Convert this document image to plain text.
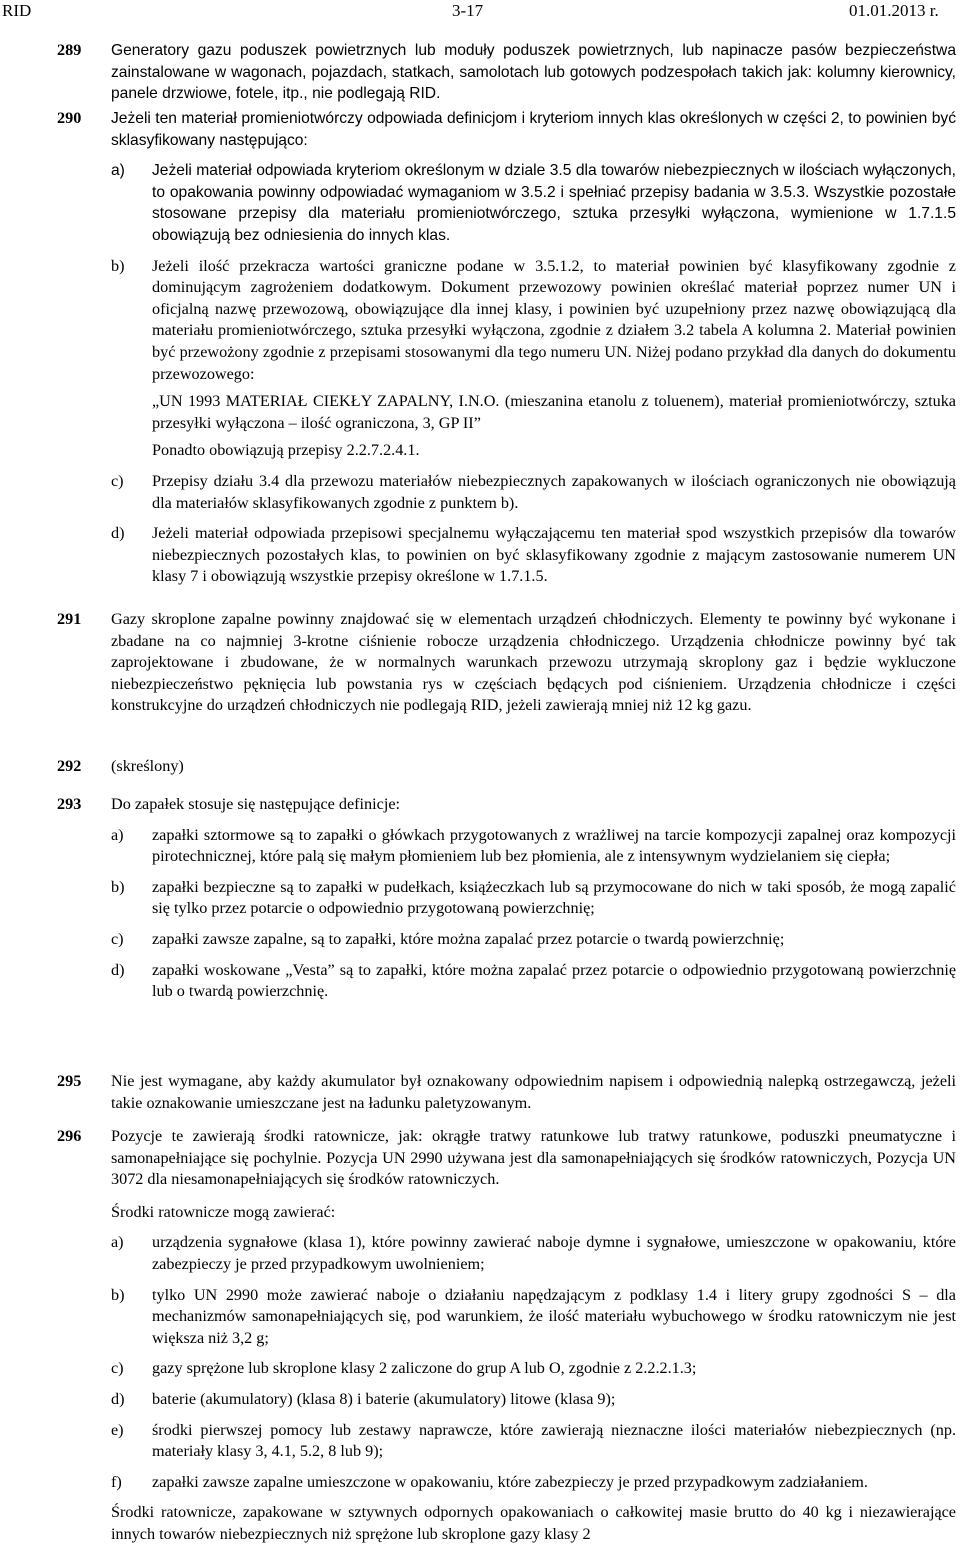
RID	3-17	01.01.2013 r.
289 Generatory gazu poduszek powietrznych lub moduły poduszek powietrznych, lub napinacze pasów bezpieczeństwa zainstalowane w wagonach, pojazdach, statkach, samolotach lub gotowych podzespołach takich jak: kolumny kierownicy, panele drzwiowe, fotele, itp., nie podlegają RID.
290 Jeżeli ten materiał promieniotwórczy odpowiada definicjom i kryteriom innych klas określonych w części 2, to powinien być sklasyfikowany następująco:

a) Jeżeli materiał odpowiada kryteriom określonym w dziale 3.5 dla towarów niebezpiecznych w ilościach wyłączonych, to opakowania powinny odpowiadać wymaganiom w 3.5.2 i spełniać przepisy badania w 3.5.3. Wszystkie pozostałe stosowane przepisy dla materiału promieniotwórczego, sztuka przesyłki wyłączona, wymienione w 1.7.1.5 obowiązują bez odniesienia do innych klas.
b) Jeżeli ilość przekracza wartości graniczne podane w 3.5.1.2, to materiał powinien być klasyfikowany zgodnie z dominującym zagrożeniem dodatkowym. Dokument przewozowy powinien określać materiał poprzez numer UN i oficjalną nazwę przewozową, obowiązujące dla innej klasy, i powinien być uzupełniony przez nazwę obowiązującą dla materiału promieniotwórczego, sztuka przesyłki wyłączona, zgodnie z działem 3.2 tabela A kolumna 2. Materiał powinien być przewożony zgodnie z przepisami stosowanymi dla tego numeru UN. Niżej podano przykład dla danych do dokumentu przewozowego:

„UN 1993 MATERIAŁ CIEKŁY ZAPALNY, I.N.O. (mieszanina etanolu z toluenem), materiał promieniotwórczy, sztuka przesyłki wyłączona – ilość ograniczona, 3, GP II”

Ponadto obowiązują przepisy 2.2.7.2.4.1.

c) Przepisy działu 3.4 dla przewozu materiałów niebezpiecznych zapakowanych w ilościach ograniczonych nie obowiązują dla materiałów sklasyfikowanych zgodnie z punktem b).
d) Jeżeli materiał odpowiada przepisowi specjalnemu wyłączającemu ten materiał spod wszystkich przepisów dla towarów niebezpiecznych pozostałych klas, to powinien on być sklasyfikowany zgodnie z mającym zastosowanie numerem UN klasy 7 i obowiązują wszystkie przepisy określone w 1.7.1.5.
291 Gazy skroplone zapalne powinny znajdować się w elementach urządzeń chłodniczych. Elementy te powinny być wykonane i zbadane na co najmniej 3-krotne ciśnienie robocze urządzenia chłodniczego. Urządzenia chłodnicze powinny być tak zaprojektowane i zbudowane, że w normalnych warunkach przewozu utrzymają skroplony gaz i będzie wykluczone niebezpieczeństwo pęknięcia lub powstania rys w częściach będących pod ciśnieniem. Urządzenia chłodnicze i części konstrukcyjne do urządzeń chłodniczych nie podlegają RID, jeżeli zawierają mniej niż 12 kg gazu.
292 (skreślony)
293 Do zapałek stosuje się następujące definicje:

a) zapałki sztormowe są to zapałki o główkach przygotowanych z wrażliwej na tarcie kompozycji zapalnej oraz kompozycji pirotechnicznej, które palą się małym płomieniem lub bez płomienia, ale z intensywnym wydzielaniem się ciepła;
b) zapałki bezpieczne są to zapałki w pudełkach, książeczkach lub są przymocowane do nich w taki sposób, że mogą zapalić się tylko przez potarcie o odpowiednio przygotowaną powierzchnię;
c) zapałki zawsze zapalne, są to zapałki, które można zapalać przez potarcie o twardą powierzchnię;
d) zapałki woskowane „Vesta” są to zapałki, które można zapalać przez potarcie o odpowiednio przygotowaną powierzchnię lub o twardą powierzchnię.
295 Nie jest wymagane, aby każdy akumulator był oznakowany odpowiednim napisem i odpowiednią nalepką ostrzegawczą, jeżeli takie oznakowanie umieszczane jest na ładunku paletyzowanym.
296 Pozycje te zawierają środki ratownicze, jak: okrągłe tratwy ratunkowe lub tratwy ratunkowe, poduszki pneumatyczne i samonapełniające się pochylnie. Pozycja UN 2990 używana jest dla samonapełniających się środków ratowniczych, Pozycja UN 3072 dla niesamonapełniających się środków ratowniczych.

Środki ratownicze mogą zawierać:

a) urządzenia sygnałowe (klasa 1), które powinny zawierać naboje dymne i sygnałowe, umieszczone w opakowaniu, które zabezpieczy je przed przypadkowym uwolnieniem;
b) tylko UN 2990 może zawierać naboje o działaniu napędzającym z podklasy 1.4 i litery grupy zgodności S – dla mechanizmów samonapełniających się, pod warunkiem, że ilość materiału wybuchowego w środku ratowniczym nie jest większa niż 3,2 g;
c) gazy sprężone lub skroplone klasy 2 zaliczone do grup A lub O, zgodnie z 2.2.2.1.3;
d) baterie (akumulatory) (klasa 8) i baterie (akumulatory) litowe (klasa 9);
e) środki pierwszej pomocy lub zestawy naprawcze, które zawierają nieznaczne ilości materiałów niebezpiecznych (np. materiały klasy 3, 4.1, 5.2, 8 lub 9);
f) zapałki zawsze zapalne umieszczone w opakowaniu, które zabezpieczy je przed przypadkowym zadziałaniem.

Środki ratownicze, zapakowane w sztywnych odpornych opakowaniach o całkowitej masie brutto do 40 kg i niezawierające innych towarów niebezpiecznych niż sprężone lub skroplone gazy klasy 2
